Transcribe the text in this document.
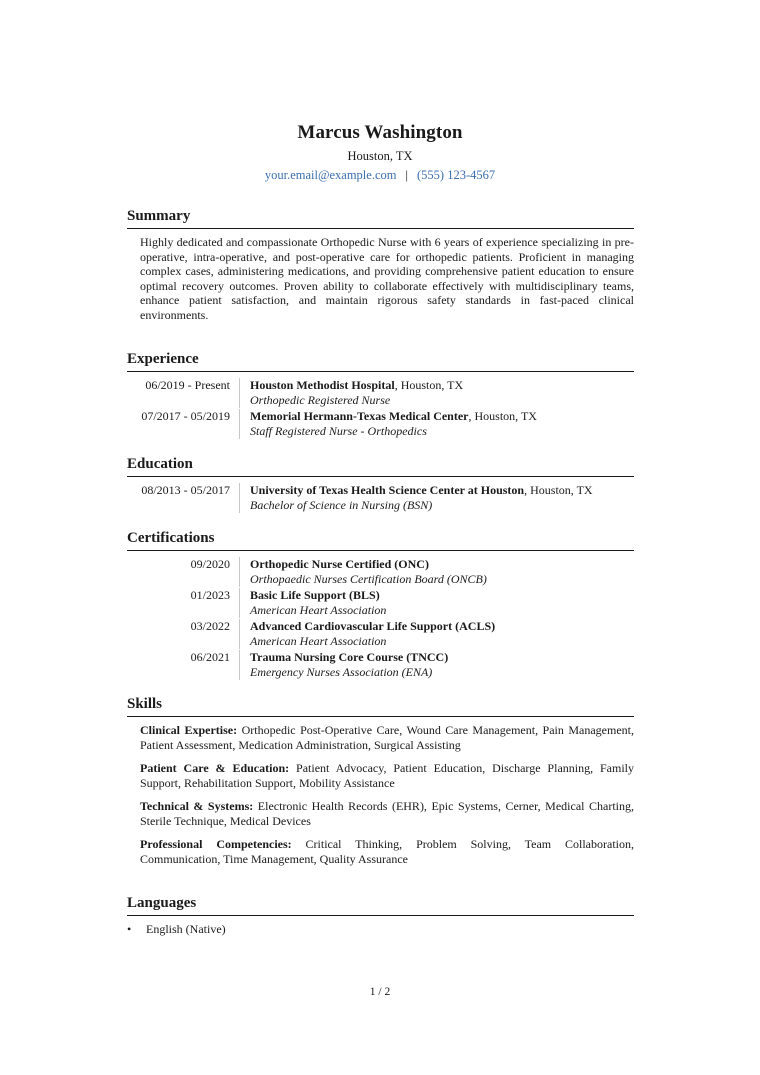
Marcus Washington
Houston, TX
your.email@example.com | (555) 123-4567
Summary
Highly dedicated and compassionate Orthopedic Nurse with 6 years of experience specializing in pre-operative, intra-operative, and post-operative care for orthopedic patients. Proficient in managing complex cases, administering medications, and providing comprehensive patient education to ensure optimal recovery outcomes. Proven ability to collaborate effectively with multidisciplinary teams, enhance patient satisfaction, and maintain rigorous safety standards in fast-paced clinical environments.
Experience
06/2019 - Present	Houston Methodist Hospital, Houston, TX
Orthopedic Registered Nurse
07/2017 - 05/2019	Memorial Hermann-Texas Medical Center, Houston, TX
Staff Registered Nurse - Orthopedics
Education
08/2013 - 05/2017	University of Texas Health Science Center at Houston, Houston, TX
Bachelor of Science in Nursing (BSN)
Certifications
09/2020	Orthopedic Nurse Certified (ONC)
Orthopaedic Nurses Certification Board (ONCB)
01/2023	Basic Life Support (BLS)
American Heart Association
03/2022	Advanced Cardiovascular Life Support (ACLS)
American Heart Association
06/2021	Trauma Nursing Core Course (TNCC)
Emergency Nurses Association (ENA)
Skills
Clinical Expertise: Orthopedic Post-Operative Care, Wound Care Management, Pain Management, Patient Assessment, Medication Administration, Surgical Assisting
Patient Care & Education: Patient Advocacy, Patient Education, Discharge Planning, Family Support, Rehabilitation Support, Mobility Assistance
Technical & Systems: Electronic Health Records (EHR), Epic Systems, Cerner, Medical Charting, Sterile Technique, Medical Devices
Professional Competencies: Critical Thinking, Problem Solving, Team Collaboration, Communication, Time Management, Quality Assurance
Languages
• English (Native)
1 / 2
